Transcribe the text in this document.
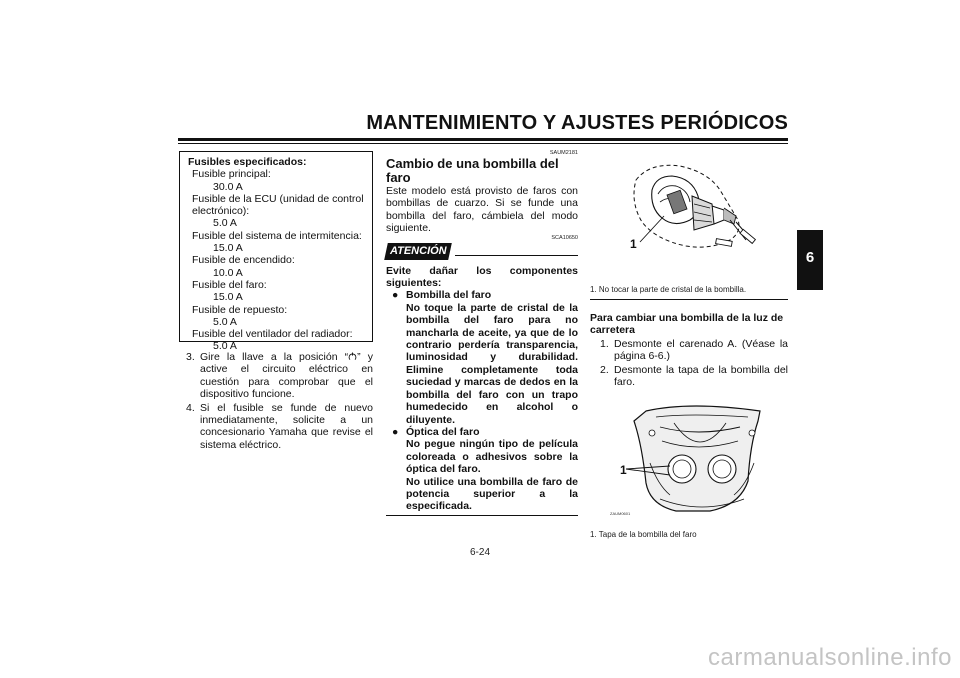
MANTENIMIENTO Y AJUSTES PERIÓDICOS
6
Fusibles especificados:
Fusible principal:
30.0 A
Fusible de la ECU (unidad de control
electrónico):
5.0 A
Fusible del sistema de intermitencia:
15.0 A
Fusible de encendido:
10.0 A
Fusible del faro:
15.0 A
Fusible de repuesto:
5.0 A
Fusible del ventilador del radiador:
5.0 A
3. Gire la llave a la posición “ ” y active el circuito eléctrico en cuestión para comprobar que el dispositivo funcione.
4. Si el fusible se funde de nuevo inmediatamente, solicite a un concesionario Yamaha que revise el sistema eléctrico.
SAUM2181
Cambio de una bombilla del faro
Este modelo está provisto de faros con bombillas de cuarzo. Si se funde una bombilla del faro, cámbiela del modo siguiente.
SCA10650
ATENCIÓN
Evite dañar los componentes siguientes:
● Bombilla del faro
No toque la parte de cristal de la bombilla del faro para no mancharla de aceite, ya que de lo contrario perdería transparencia, luminosidad y durabilidad. Elimine completamente toda suciedad y marcas de dedos en la bombilla del faro con un trapo humedecido en alcohol o diluyente.
● Óptica del faro
No pegue ningún tipo de película coloreada o adhesivos sobre la óptica del faro.
No utilice una bombilla de faro de potencia superior a la especificada.
1
1. No tocar la parte de cristal de la bombilla.
Para cambiar una bombilla de la luz de carretera
1. Desmonte el carenado A. (Véase la página 6-6.)
2. Desmonte la tapa de la bombilla del faro.
1
ZAUM0601
1. Tapa de la bombilla del faro
6-24
carmanualsonline.info
